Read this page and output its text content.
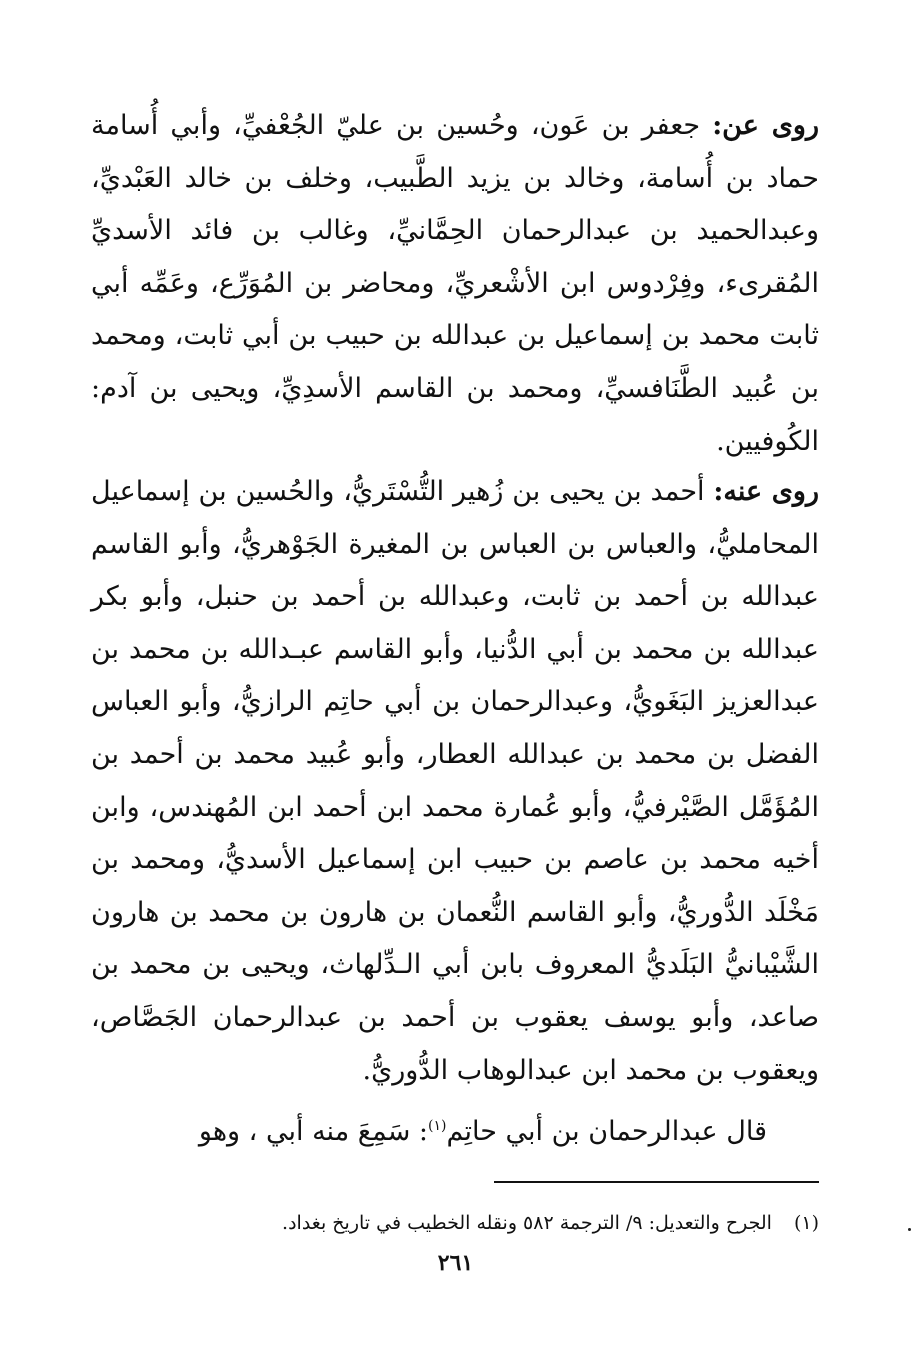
روى عن: جعفر بن عَون، وحُسين بن عليّ الجُعْفيِّ، وأبي أُسامة حماد بن أُسامة، وخالد بن يزيد الطَّبيب، وخلف بن خالد العَبْديِّ، وعبدالحميد بن عبدالرحمان الحِمَّانيِّ، وغالب بن فائد الأسديِّ المُقرىء، وفِرْدوس ابن الأشْعريِّ، ومحاضر بن المُوَرِّع، وعَمِّه أبي ثابت محمد بن إسماعيل بن عبدالله بن حبيب بن أبي ثابت، ومحمد بن عُبيد الطَّنَافسيِّ، ومحمد بن القاسم الأسدِيِّ، ويحيى بن آدم: الكُوفيين.

روى عنه: أحمد بن يحيى بن زُهير التُّسْتَريُّ، والحُسين بن إسماعيل المحامليُّ، والعباس بن العباس بن المغيرة الجَوْهريُّ، وأبو القاسم عبدالله بن أحمد بن ثابت، وعبدالله بن أحمد بن حنبل، وأبو بكر عبدالله بن محمد بن أبي الدُّنيا، وأبو القاسم عبـدالله بن محمد بن عبدالعزيز البَغَويُّ، وعبدالرحمان بن أبي حاتِم الرازيُّ، وأبو العباس الفضل بن محمد بن عبدالله العطار، وأبو عُبيد محمد بن أحمد بن المُؤَمَّل الصَّيْرفيُّ، وأبو عُمارة محمد ابن أحمد ابن المُهندس، وابن أخيه محمد بن عاصم بن حبيب ابن إسماعيل الأسديُّ، ومحمد بن مَخْلَد الدُّوريُّ، وأبو القاسم النُّعمان بن هارون بن محمد بن هارون الشَّيْبانيُّ البَلَديُّ المعروف بابن أبي الـدِّلهاث، ويحيى بن محمد بن صاعد، وأبو يوسف يعقوب بن أحمد بن عبدالرحمان الجَصَّاص، ويعقوب بن محمد ابن عبدالوهاب الدُّوريُّ.

قال عبدالرحمان بن أبي حاتِم$^{(١)}$: سَمِعَ منه أبي ، وهو

(١)الجرح والتعديل: ٩/ الترجمة ٥٨٢ ونقله الخطيب في تاريخ بغداد.
٢٦١
